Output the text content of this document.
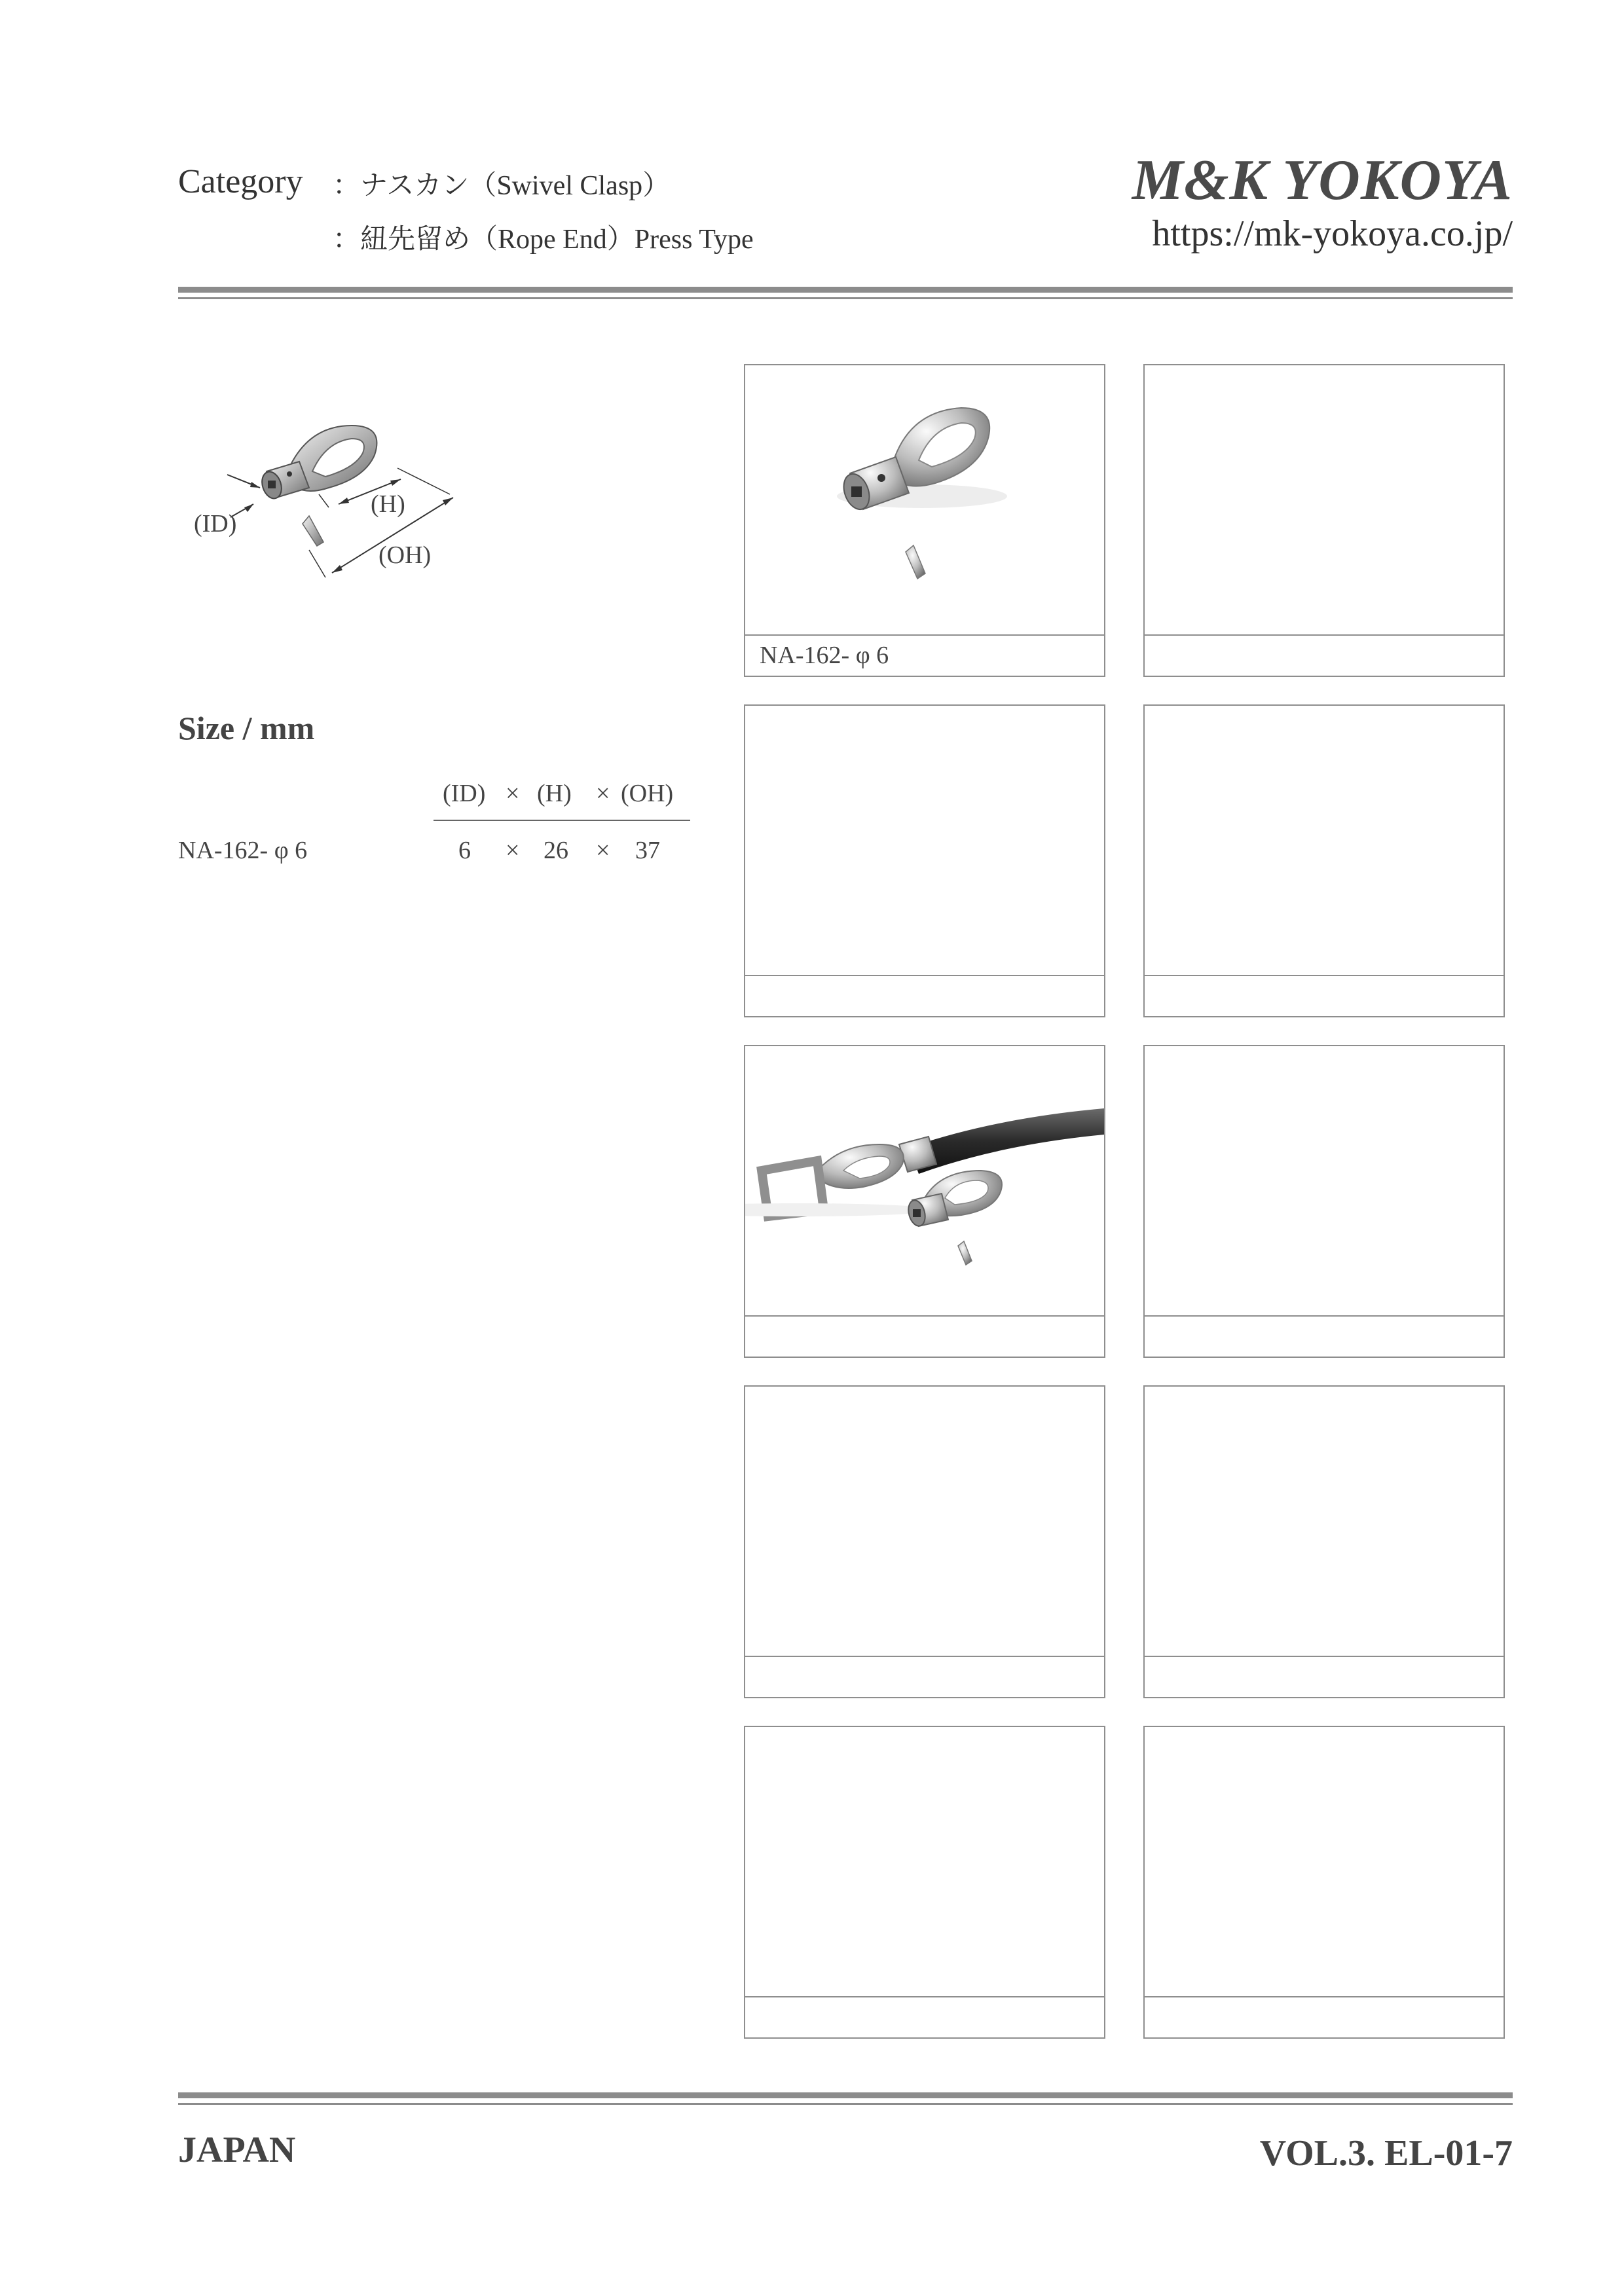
Category ：ナスカン（Swivel Clasp）
：紐先留め（Rope End）Press Type
M&K YOKOYA
https://mk-yokoya.co.jp/
(ID)
(H)
(OH)
Size / mm
(ID) × (H) × (OH)
NA-162- φ 6	6 × 26 × 37
NA-162- φ 6
JAPAN	VOL.3. EL-01-7
